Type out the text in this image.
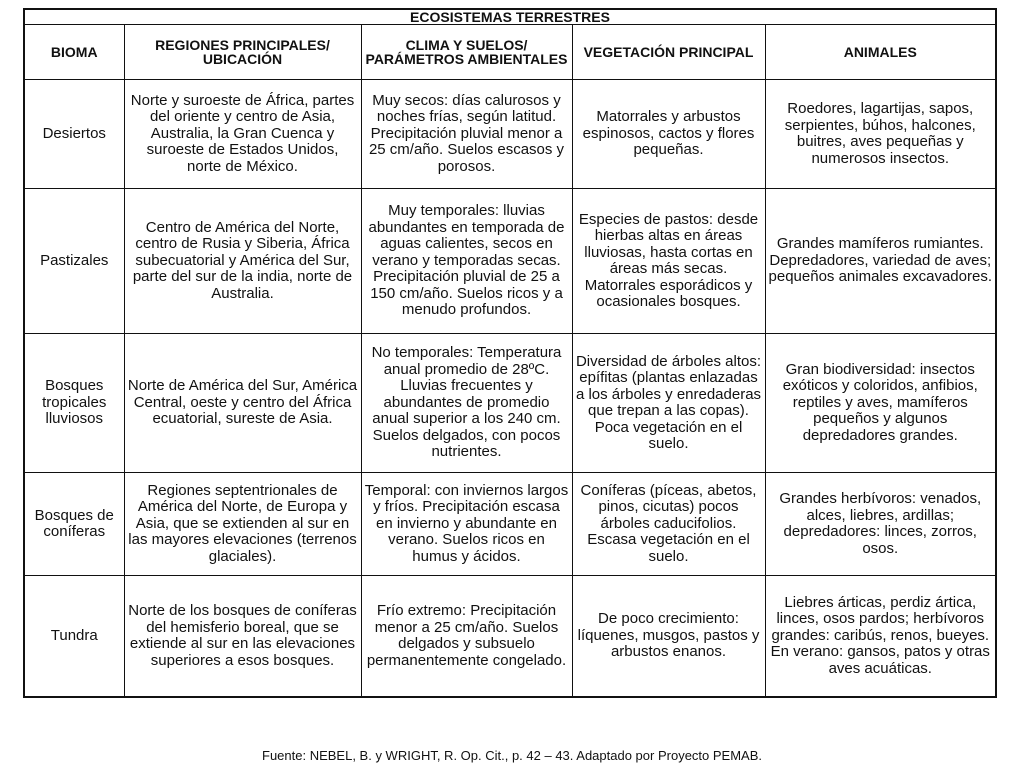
ECOSISTEMAS TERRESTRES				
BIOMA	REGIONES PRINCIPALES/ UBICACIÓN	CLIMA Y SUELOS/ PARÁMETROS AMBIENTALES	VEGETACIÓN PRINCIPAL	ANIMALES
Desiertos	Norte y suroeste de África, partes del oriente y centro de Asia, Australia, la Gran Cuenca y suroeste de Estados Unidos, norte de México.	Muy secos: días calurosos y noches frías, según latitud. Precipitación pluvial menor a 25 cm/año. Suelos escasos y porosos.	Matorrales y arbustos espinosos, cactos y flores pequeñas.	Roedores, lagartijas, sapos, serpientes, búhos, halcones, buitres, aves pequeñas y numerosos insectos.
Pastizales	Centro de América del Norte, centro de Rusia y Siberia, África subecuatorial y América del Sur, parte del sur de la india, norte de Australia.	Muy temporales: lluvias abundantes en temporada de aguas calientes, secos en verano y temporadas secas. Precipitación pluvial de 25 a 150 cm/año. Suelos ricos y a menudo profundos.	Especies de pastos: desde hierbas altas en áreas lluviosas, hasta cortas en áreas más secas. Matorrales esporádicos y ocasionales bosques.	Grandes mamíferos rumiantes. Depredadores, variedad de aves; pequeños animales excavadores.
Bosques tropicales lluviosos	Norte de América del Sur, América Central, oeste y centro del África ecuatorial, sureste de Asia.	No temporales: Temperatura anual promedio de 28ºC. Lluvias frecuentes y abundantes de promedio anual superior a los 240 cm. Suelos delgados, con pocos nutrientes.	Diversidad de árboles altos: epífitas (plantas enlazadas a los árboles y enredaderas que trepan a las copas). Poca vegetación en el suelo.	Gran biodiversidad: insectos exóticos y coloridos, anfibios, reptiles y aves, mamíferos pequeños y algunos depredadores grandes.
Bosques de coníferas	Regiones septentrionales de América del Norte, de Europa y Asia, que se extienden al sur en las mayores elevaciones (terrenos glaciales).	Temporal: con inviernos largos y fríos. Precipitación escasa en invierno y abundante en verano. Suelos ricos en humus y ácidos.	Coníferas (píceas, abetos, pinos, cicutas) pocos árboles caducifolios. Escasa vegetación en el suelo.	Grandes herbívoros: venados, alces, liebres, ardillas; depredadores: linces, zorros, osos.
Tundra	Norte de los bosques de coníferas del hemisferio boreal, que se extiende al sur en las elevaciones superiores a esos bosques.	Frío extremo: Precipitación menor a 25 cm/año. Suelos delgados y subsuelo permanentemente congelado.	De poco crecimiento: líquenes, musgos, pastos y arbustos enanos.	Liebres árticas, perdiz ártica, linces, osos pardos; herbívoros grandes: caribús, renos, bueyes. En verano: gansos, patos y otras aves acuáticas.
Fuente: NEBEL, B. y WRIGHT, R. Op. Cit., p. 42 – 43. Adaptado por Proyecto PEMAB.
